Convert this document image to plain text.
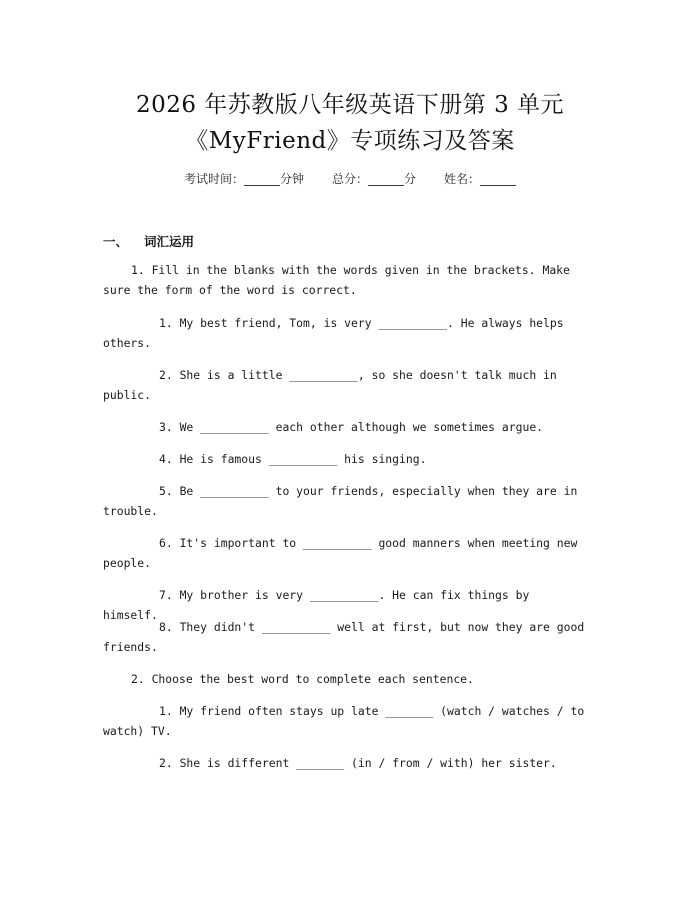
2026 年苏教版八年级英语下册第 3 单元
《MyFriend》专项练习及答案
考试时间：______分钟 总分：______分 姓名：______
一、 词汇运用
1. Fill in the blanks with the words given in the brackets. Make sure the form of the word is correct.
1. My best friend, Tom, is very __________. He always helps others.
2. She is a little __________, so she doesn't talk much in public.
3. We __________ each other although we sometimes argue.
4. He is famous __________ his singing.
5. Be __________ to your friends, especially when they are in trouble.
6. It's important to __________ good manners when meeting new people.
7. My brother is very __________. He can fix things by himself.
8. They didn't __________ well at first, but now they are good friends.
2. Choose the best word to complete each sentence.
1. My friend often stays up late _______ (watch / watches / to watch) TV.
2. She is different _______ (in / from / with) her sister.
